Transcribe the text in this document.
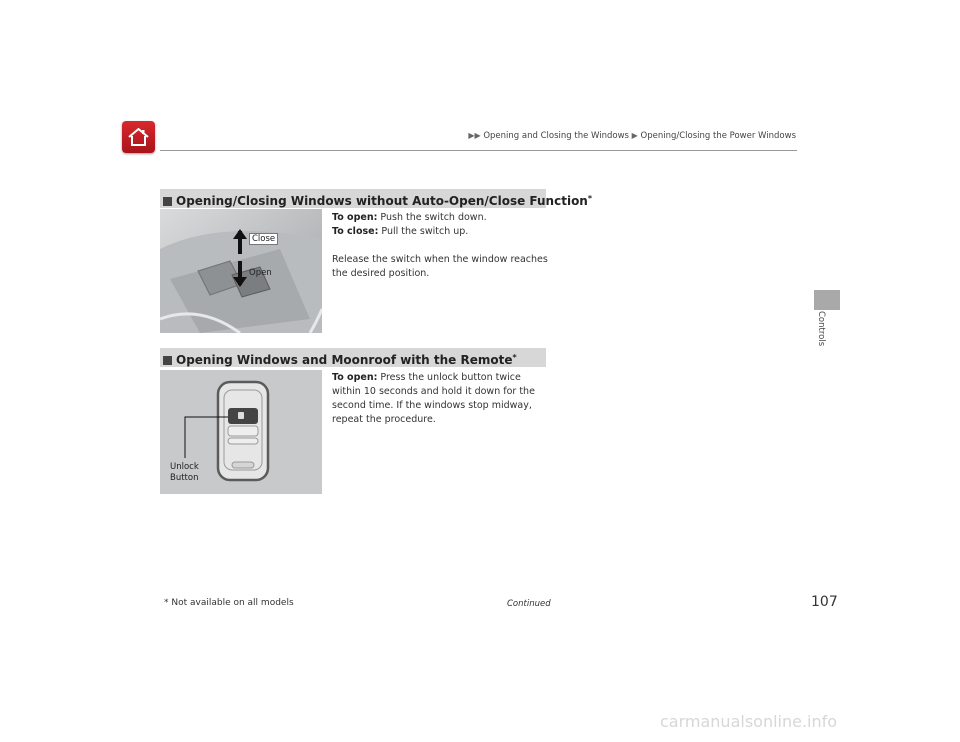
▶▶ Opening and Closing the Windows ▶ Opening/Closing the Power Windows
Controls
Opening/Closing Windows without Auto-Open/Close Function*
Close
Open
To open: Push the switch down.
To close: Pull the switch up.
Release the switch when the window reaches the desired position.
Opening Windows and Moonroof with the Remote*
Unlock
Button
To open: Press the unlock button twice within 10 seconds and hold it down for the second time. If the windows stop midway, repeat the procedure.
* Not available on all models	Continued	107
carmanualsonline.info
